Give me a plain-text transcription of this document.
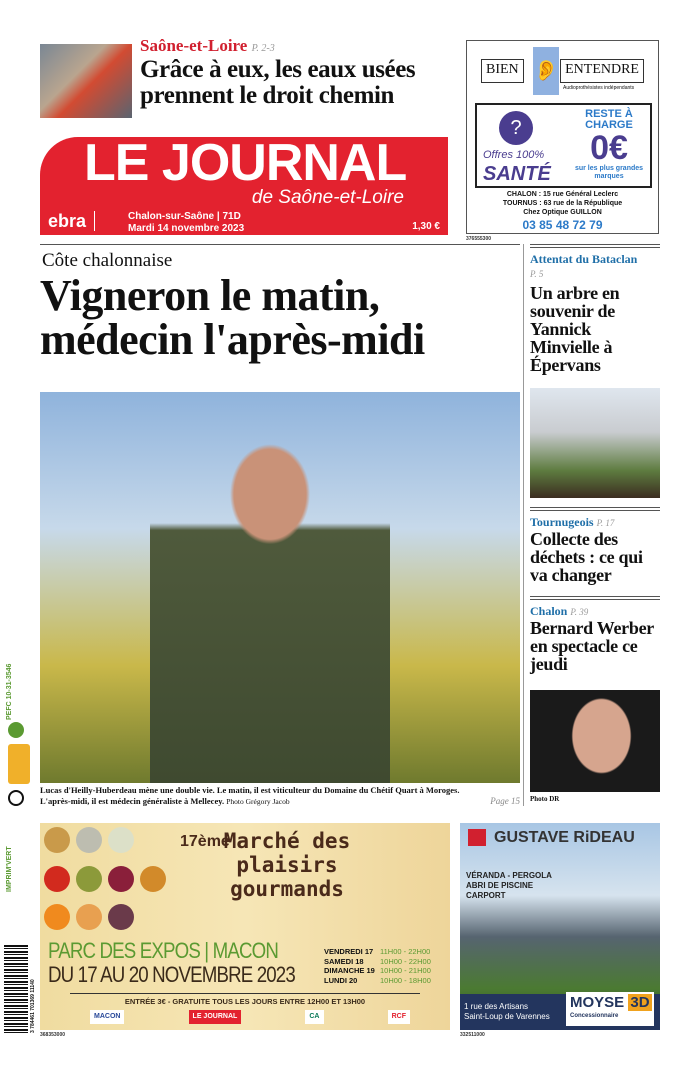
Saône-et-Loire P. 2-3
Grâce à eux, les eaux usées prennent le droit chemin
LE JOURNAL
de Saône-et-Loire
ebra	Chalon-sur-Saône | 71D
Mardi 14 novembre 2023	1,30 €
👂
BIEN	ENTENDRE
Audioprothésistes indépendants
?
Offres 100%
SANTÉ
RESTE À CHARGE
0€
sur les plus grandes marques
CHALON : 15 rue Général Leclerc
TOURNUS : 63 rue de la République
Chez Optique GUILLON
03 85 48 72 79
376555300
Côte chalonnaise
Vigneron le matin, médecin l'après-midi
Lucas d'Heilly-Huberdeau mène une double vie. Le matin, il est viticulteur du Domaine du Chétif Quart à Moroges. L'après-midi, il est médecin généraliste à Mellecey. Photo Grégory Jacob	Page 15
Attentat du Bataclan
P. 5
Un arbre en souvenir de Yannick Minvielle à Épervans
Tournugeois P. 17
Collecte des déchets : ce qui va changer
Chalon P. 39
Bernard Werber en spectacle ce jeudi
Photo DR
17ème
Marché des plaisirs gourmands
PARC DES EXPOS | MACON
DU 17 AU 20 NOVEMBRE 2023
VENDREDI 17 11H00 - 22H00
SAMEDI 18 10H00 - 22H00
DIMANCHE 19 10H00 - 21H00
LUNDI 20	10H00 - 18H00
ENTRÉE 3€ - GRATUITE TOUS LES JOURS ENTRE 12H00 ET 13H00
MACON	LE JOURNAL	CA	RCF
368353000
GUSTAVE RiDEAU
VÉRANDA - PERGOLA
ABRI DE PISCINE
CARPORT
1 rue des Artisans
Saint-Loup de Varennes
MOYSE 3D
Concessionnaire
332511000
PEFC 10-31-3546
IMPRIM'VERT
3 784461 701369 11140
